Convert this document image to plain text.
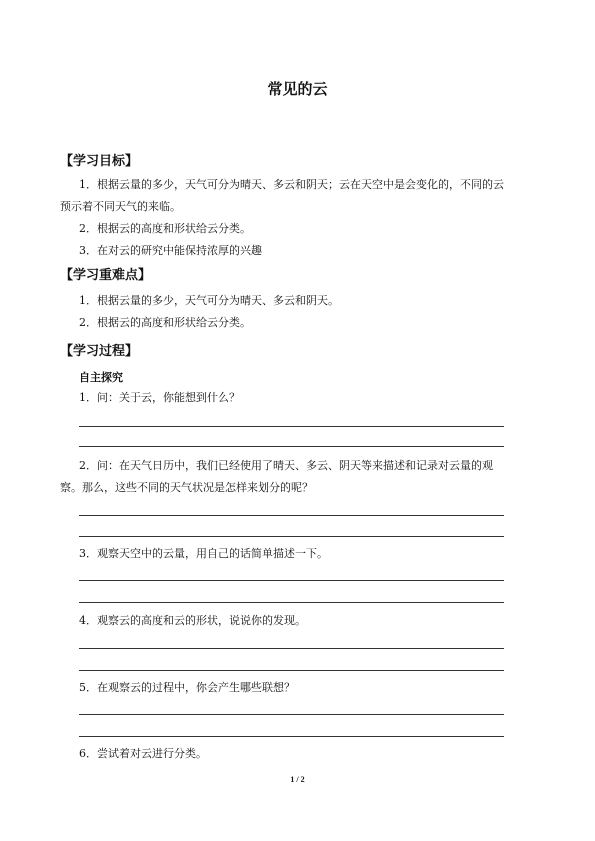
常见的云
【学习目标】
1．根据云量的多少，天气可分为晴天、多云和阴天；云在天空中是会变化的，不同的云
预示着不同天气的来临。
2．根据云的高度和形状给云分类。
3．在对云的研究中能保持浓厚的兴趣
【学习重难点】
1．根据云量的多少，天气可分为晴天、多云和阴天。
2．根据云的高度和形状给云分类。
【学习过程】
自主探究
1．问：关于云，你能想到什么？
2．问：在天气日历中，我们已经使用了晴天、多云、阴天等来描述和记录对云量的观
察。那么，这些不同的天气状况是怎样来划分的呢？
3．观察天空中的云量，用自己的话简单描述一下。
4．观察云的高度和云的形状，说说你的发现。
5．在观察云的过程中，你会产生哪些联想？
6．尝试着对云进行分类。
1 / 2
